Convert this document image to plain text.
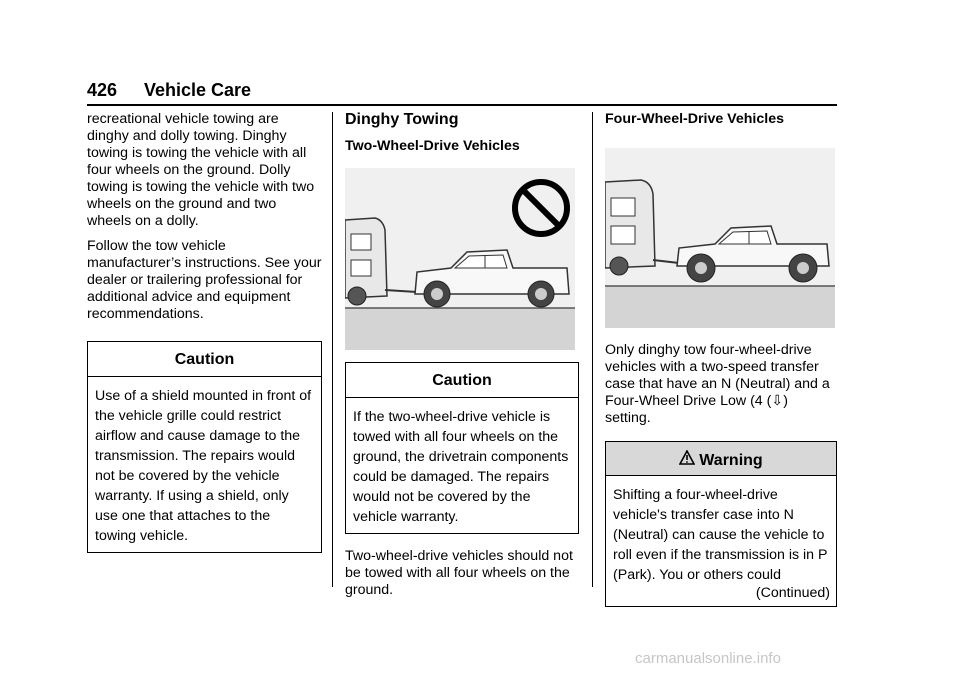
426 Vehicle Care

recreational vehicle towing are dinghy and dolly towing. Dinghy towing is towing the vehicle with all four wheels on the ground. Dolly towing is towing the vehicle with two wheels on the ground and two wheels on a dolly.

Follow the tow vehicle manufacturer’s instructions. See your dealer or trailering professional for additional advice and equipment recommendations.

Caution
Use of a shield mounted in front of the vehicle grille could restrict airflow and cause damage to the transmission. The repairs would not be covered by the vehicle warranty. If using a shield, only use one that attaches to the towing vehicle.
Dinghy Towing
Two-Wheel-Drive Vehicles
Caution
If the two-wheel-drive vehicle is towed with all four wheels on the ground, the drivetrain components could be damaged. The repairs would not be covered by the vehicle warranty.

Two-wheel-drive vehicles should not be towed with all four wheels on the ground.

Four-Wheel-Drive Vehicles

Only dinghy tow four-wheel-drive vehicles with a two-speed transfer case that have an N (Neutral) and a Four-Wheel Drive Low (4 (⇩) setting.

Warning
Shifting a four-wheel-drive vehicle's transfer case into N (Neutral) can cause the vehicle to roll even if the transmission is in P (Park). You or others could
(Continued)
carmanualsonline.info
